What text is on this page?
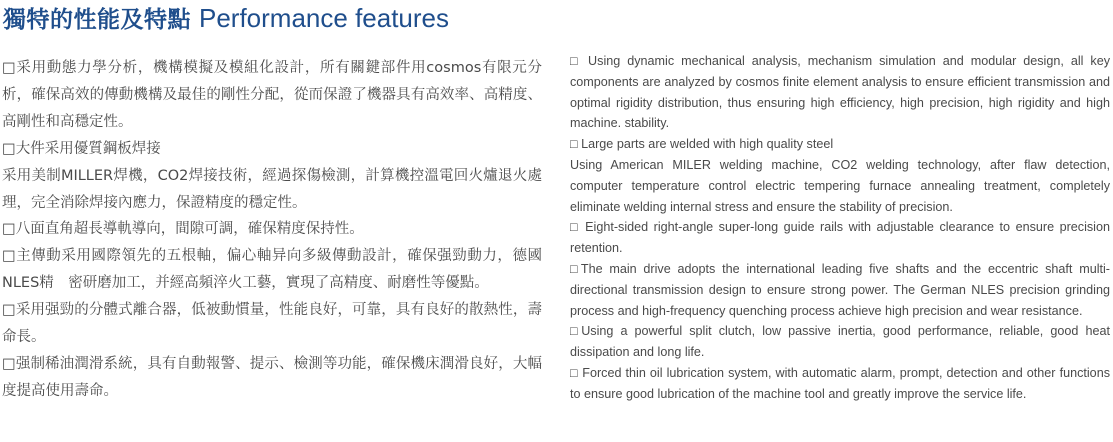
獨特的性能及特點 Performance features

□采用動態力學分析，機構模擬及模組化設計，所有關鍵部件用cosmos有限元分析，確保高效的傳動機構及最佳的剛性分配，從而保證了機器具有高效率、高精度、高剛性和高穩定性。

□大件采用優質鋼板焊接

采用美制MILLER焊機，CO2焊接技術，經過探傷檢測，計算機控溫電回火爐退火處理，完全消除焊接內應力，保證精度的穩定性。

□八面直角超長導軌導向，間隙可調，確保精度保持性。

□主傳動采用國際領先的五根軸，偏心軸异向多級傳動設計，確保强勁動力，德國NLES精　密研磨加工，并經高頻淬火工藝，實現了高精度、耐磨性等優點。

□采用强勁的分體式離合器，低被動慣量，性能良好，可靠，具有良好的散熱性，壽命長。

□强制稀油潤滑系統，具有自動報警、提示、檢測等功能，確保機床潤滑良好，大幅度提高使用壽命。

□ Using dynamic mechanical analysis, mechanism simulation and modular design, all key components are analyzed by cosmos finite element analysis to ensure efficient transmission and optimal rigidity distribution, thus ensuring high efficiency, high precision, high rigidity and high machine. stability.

□ Large parts are welded with high quality steel

Using American MILER welding machine, CO2 welding technology, after flaw detection, computer temperature control electric tempering furnace annealing treatment, completely eliminate welding internal stress and ensure the stability of precision.

□ Eight-sided right-angle super-long guide rails with adjustable clearance to ensure precision retention.

□The main drive adopts the international leading five shafts and the eccentric shaft multi-directional transmission design to ensure strong power. The German NLES precision grinding process and high-frequency quenching process achieve high precision and wear resistance.

□Using a powerful split clutch, low passive inertia, good performance, reliable, good heat dissipation and long life.

□ Forced thin oil lubrication system, with automatic alarm, prompt, detection and other functions to ensure good lubrication of the machine tool and greatly improve the service life.
